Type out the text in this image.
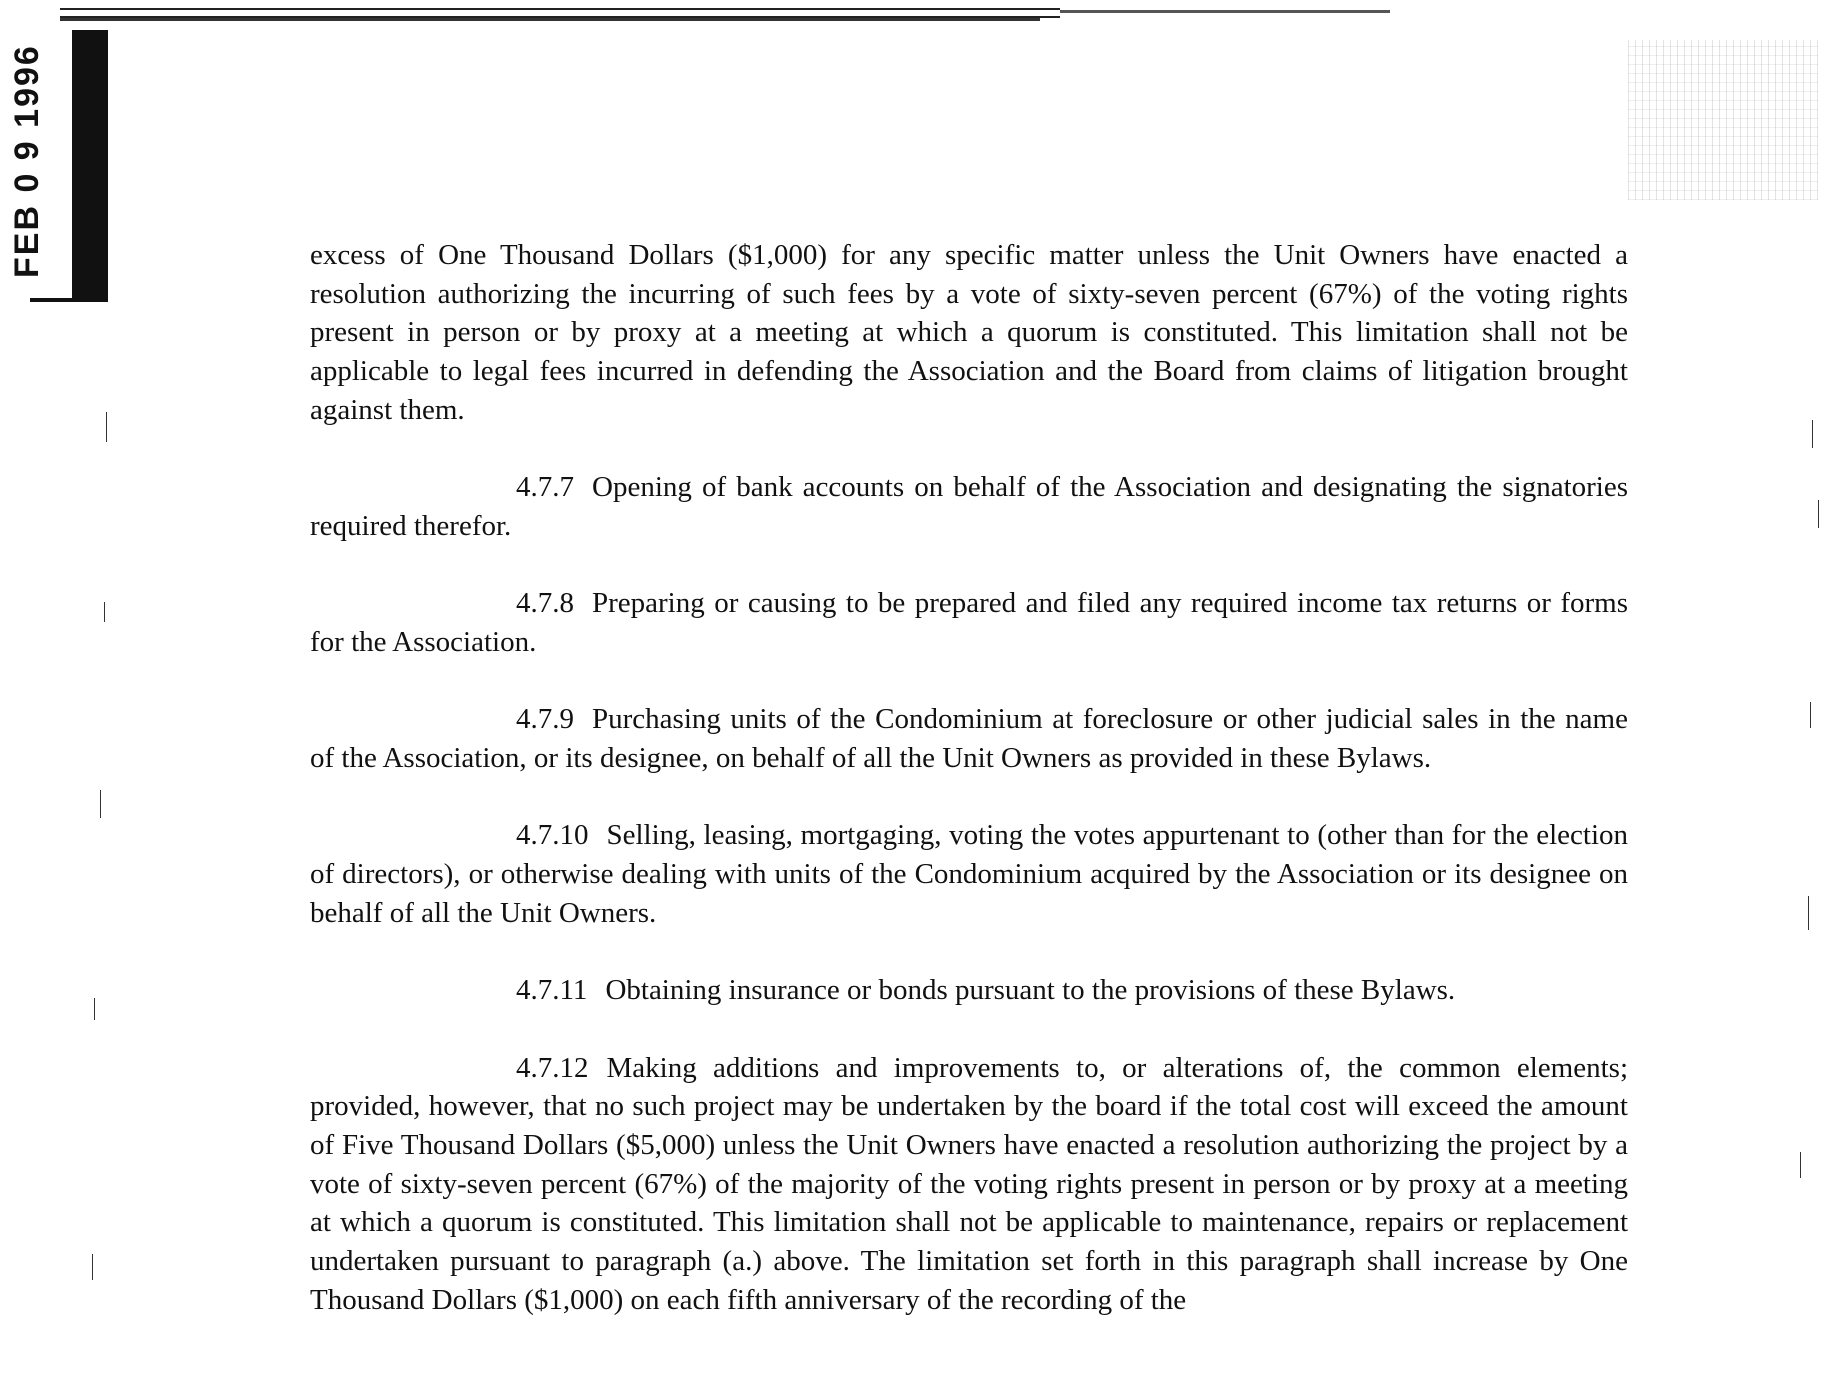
FEB 0 9 1996	excess of One Thousand Dollars ($1,000) for any specific matter unless the Unit Owners have enacted a resolution authorizing the incurring of such fees by a vote of sixty-seven percent (67%) of the voting rights present in person or by proxy at a meeting at which a quorum is constituted. This limitation shall not be applicable to legal fees incurred in defending the Association and the Board from claims of litigation brought against them.

4.7.7 Opening of bank accounts on behalf of the Association and designating the signatories required therefor.

4.7.8 Preparing or causing to be prepared and filed any required income tax returns or forms for the Association.

4.7.9 Purchasing units of the Condominium at foreclosure or other judicial sales in the name of the Association, or its designee, on behalf of all the Unit Owners as provided in these Bylaws.

4.7.10 Selling, leasing, mortgaging, voting the votes appurtenant to (other than for the election of directors), or otherwise dealing with units of the Condominium acquired by the Association or its designee on behalf of all the Unit Owners.

4.7.11 Obtaining insurance or bonds pursuant to the provisions of these Bylaws.

4.7.12 Making additions and improvements to, or alterations of, the common elements; provided, however, that no such project may be undertaken by the board if the total cost will exceed the amount of Five Thousand Dollars ($5,000) unless the Unit Owners have enacted a resolution authorizing the project by a vote of sixty-seven percent (67%) of the majority of the voting rights present in person or by proxy at a meeting at which a quorum is constituted. This limitation shall not be applicable to maintenance, repairs or replacement undertaken pursuant to paragraph (a.) above. The limitation set forth in this paragraph shall increase by One Thousand Dollars ($1,000) on each fifth anniversary of the recording of the
